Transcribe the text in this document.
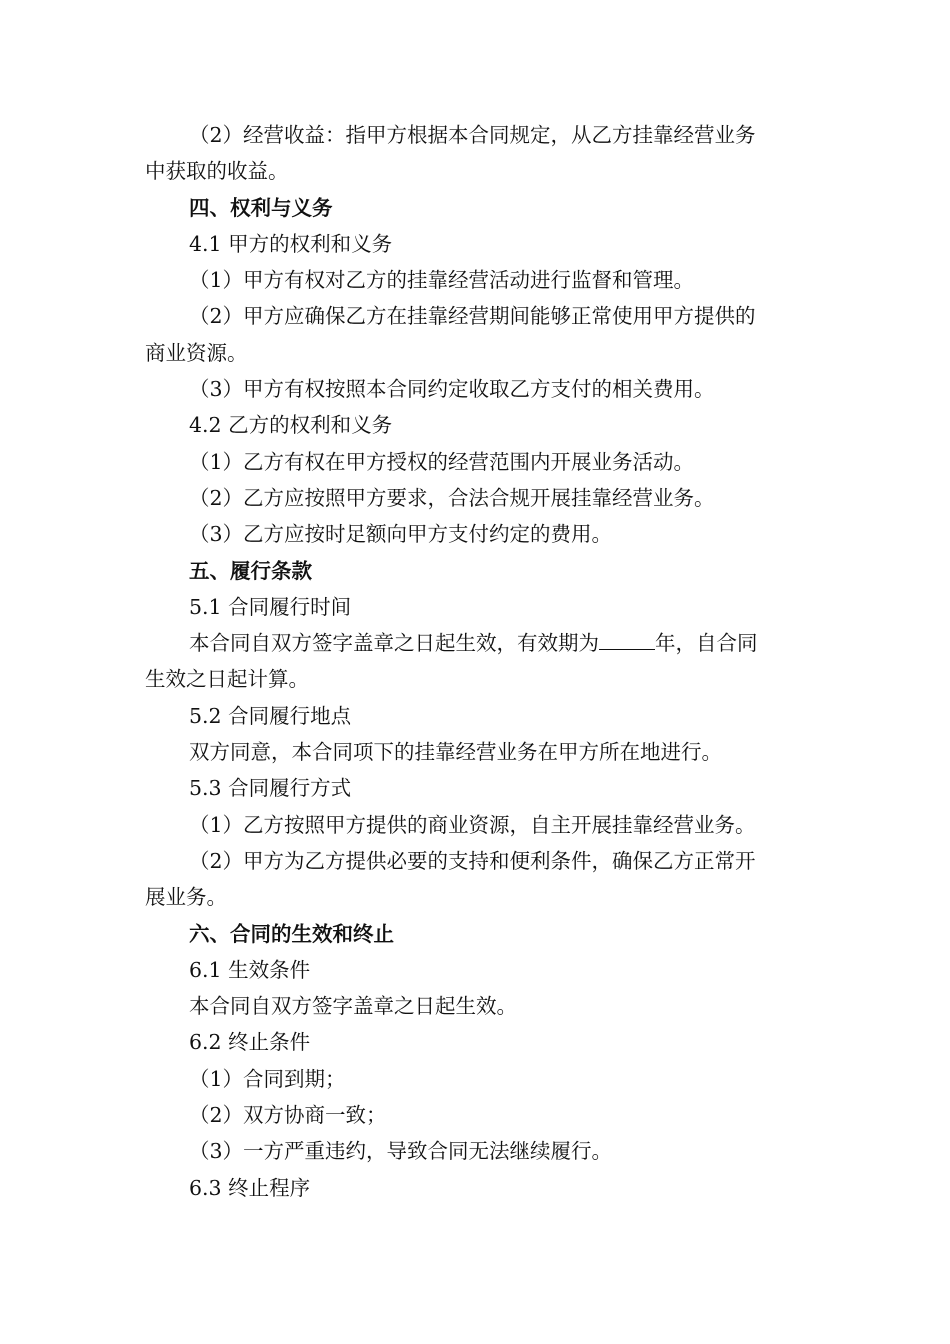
（2）经营收益：指甲方根据本合同规定，从乙方挂靠经营业务
中获取的收益。
四、权利与义务
4.1 甲方的权利和义务
（1）甲方有权对乙方的挂靠经营活动进行监督和管理。
（2）甲方应确保乙方在挂靠经营期间能够正常使用甲方提供的
商业资源。
（3）甲方有权按照本合同约定收取乙方支付的相关费用。
4.2 乙方的权利和义务
（1）乙方有权在甲方授权的经营范围内开展业务活动。
（2）乙方应按照甲方要求，合法合规开展挂靠经营业务。
（3）乙方应按时足额向甲方支付约定的费用。
五、履行条款
5.1 合同履行时间
本合同自双方签字盖章之日起生效，有效期为	年，自合同
生效之日起计算。
5.2 合同履行地点
双方同意，本合同项下的挂靠经营业务在甲方所在地进行。
5.3 合同履行方式
（1）乙方按照甲方提供的商业资源，自主开展挂靠经营业务。
（2）甲方为乙方提供必要的支持和便利条件，确保乙方正常开
展业务。
六、合同的生效和终止
6.1 生效条件
本合同自双方签字盖章之日起生效。
6.2 终止条件
（1）合同到期；
（2）双方协商一致；
（3）一方严重违约，导致合同无法继续履行。
6.3 终止程序
